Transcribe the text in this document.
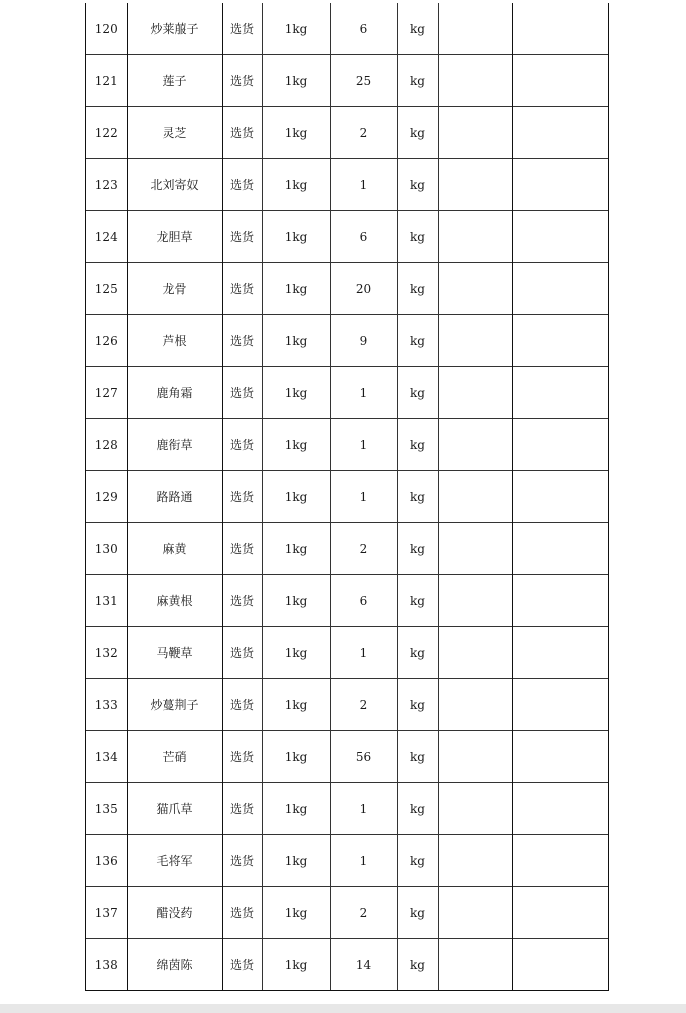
120	炒莱菔子	选货	1kg	6	kg		
121	莲子	选货	1kg	25	kg		
122	灵芝	选货	1kg	2	kg		
123	北刘寄奴	选货	1kg	1	kg		
124	龙胆草	选货	1kg	6	kg		
125	龙骨	选货	1kg	20	kg		
126	芦根	选货	1kg	9	kg		
127	鹿角霜	选货	1kg	1	kg		
128	鹿衔草	选货	1kg	1	kg		
129	路路通	选货	1kg	1	kg		
130	麻黄	选货	1kg	2	kg		
131	麻黄根	选货	1kg	6	kg		
132	马鞭草	选货	1kg	1	kg		
133	炒蔓荆子	选货	1kg	2	kg		
134	芒硝	选货	1kg	56	kg		
135	猫爪草	选货	1kg	1	kg		
136	毛将军	选货	1kg	1	kg		
137	醋没药	选货	1kg	2	kg		
138	绵茵陈	选货	1kg	14	kg		
